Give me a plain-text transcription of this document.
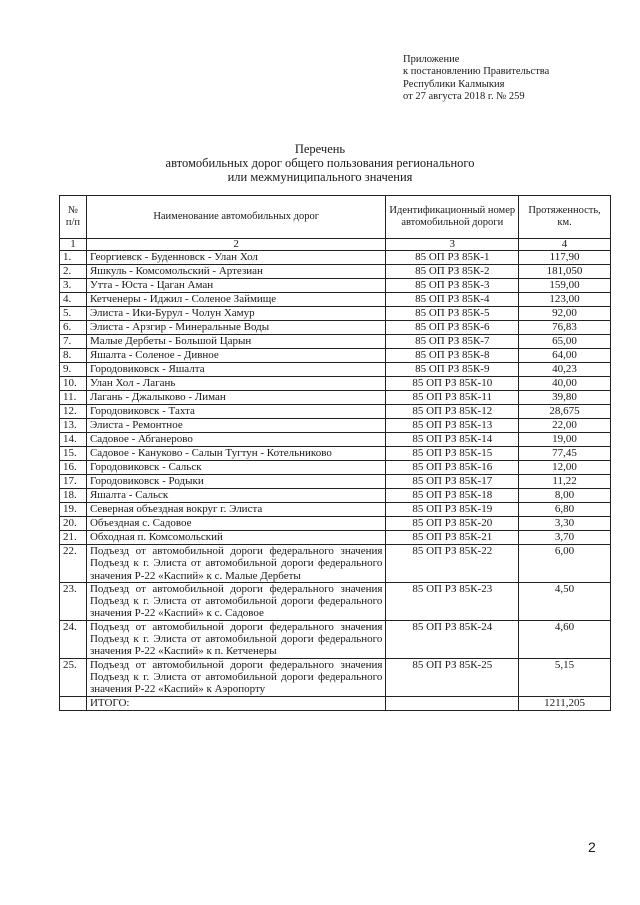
Приложение
к постановлению Правительства
Республики Калмыкия
от 27 августа 2018 г. № 259
Перечень
автомобильных дорог общего пользования регионального
или межмуниципального значения
№
п/п	Наименование автомобильных дорог	Идентификационный номер автомобильной дороги	Протяженность, км.
1	2	3	4
1.	Георгиевск - Буденновск - Улан Хол	85 ОП РЗ 85К-1	117,90
2.	Яшкуль - Комсомольский - Артезиан	85 ОП РЗ 85К-2	181,050
3.	Утта - Юста - Цаган Аман	85 ОП РЗ 85К-3	159,00
4.	Кетченеры - Иджил - Соленое Займище	85 ОП РЗ 85К-4	123,00
5.	Элиста - Ики-Бурул - Чолун Хамур	85 ОП РЗ 85К-5	92,00
6.	Элиста - Арзгир - Минеральные Воды	85 ОП РЗ 85К-6	76,83
7.	Малые Дербеты - Большой Царын	85 ОП РЗ 85К-7	65,00
8.	Яшалта - Соленое - Дивное	85 ОП РЗ 85К-8	64,00
9.	Городовиковск - Яшалта	85 ОП РЗ 85К-9	40,23
10.	Улан Хол - Лагань	85 ОП РЗ 85К-10	40,00
11.	Лагань - Джалыково - Лиман	85 ОП РЗ 85К-11	39,80
12.	Городовиковск - Тахта	85 ОП РЗ 85К-12	28,675
13.	Элиста - Ремонтное	85 ОП РЗ 85К-13	22,00
14.	Садовое - Абганерово	85 ОП РЗ 85К-14	19,00
15.	Садовое - Кануково - Салын Тугтун - Котельниково	85 ОП РЗ 85К-15	77,45
16.	Городовиковск - Сальск	85 ОП РЗ 85К-16	12,00
17.	Городовиковск - Родыки	85 ОП РЗ 85К-17	11,22
18.	Яшалта - Сальск	85 ОП РЗ 85К-18	8,00
19.	Северная объездная вокруг г. Элиста	85 ОП РЗ 85К-19	6,80
20.	Объездная с. Садовое	85 ОП РЗ 85К-20	3,30
21.	Обходная п. Комсомольский	85 ОП РЗ 85К-21	3,70
22.	Подъезд от автомобильной дороги федерального значения Подъезд к г. Элиста от автомобильной дороги федерального значения Р-22 «Каспий» к с. Малые Дербеты	85 ОП РЗ 85К-22	6,00
23.	Подъезд от автомобильной дороги федерального значения Подъезд к г. Элиста от автомобильной дороги федерального значения Р-22 «Каспий» к с. Садовое	85 ОП РЗ 85К-23	4,50
24.	Подъезд от автомобильной дороги федерального значения Подъезд к г. Элиста от автомобильной дороги федерального значения Р-22 «Каспий» к п. Кетченеры	85 ОП РЗ 85К-24	4,60
25.	Подъезд от автомобильной дороги федерального значения Подъезд к г. Элиста от автомобильной дороги федерального значения Р-22 «Каспий» к Аэропорту	85 ОП РЗ 85К-25	5,15
	ИТОГО:		1211,205
2
